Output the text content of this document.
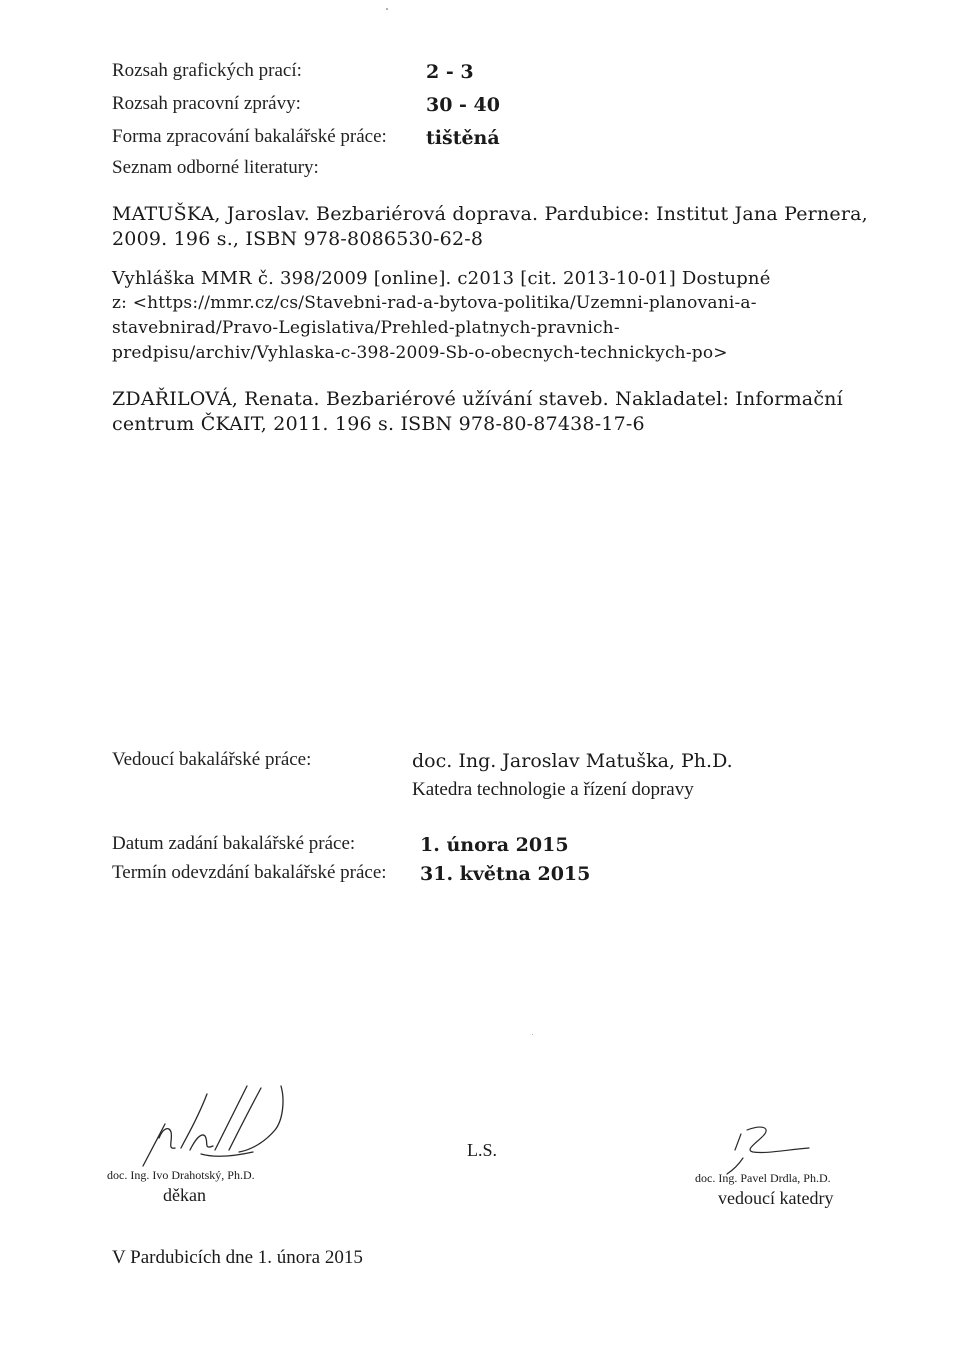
Rozsah grafických prací:	2 - 3
Rozsah pracovní zprávy:	30 - 40
Forma zpracování bakalářské práce: tištěná
Seznam odborné literatury:
MATUŠKA, Jaroslav. Bezbariérová doprava. Pardubice: Institut Jana Pernera,
2009. 196 s., ISBN 978-8086530-62-8
Vyhláška MMR č. 398/2009 [online]. c2013 [cit. 2013-10-01] Dostupné
z: <https://mmr.cz/cs/Stavebni-rad-a-bytova-politika/Uzemni-planovani-a-
stavebnirad/Pravo-Legislativa/Prehled-platnych-pravnich-
predpisu/archiv/Vyhlaska-c-398-2009-Sb-o-obecnych-technickych-po>
ZDAŘILOVÁ, Renata. Bezbariérové užívání staveb. Nakladatel: Informační
centrum ČKAIT, 2011. 196 s. ISBN 978-80-87438-17-6
Vedoucí bakalářské práce:	doc. Ing. Jaroslav Matuška, Ph.D.
Katedra technologie a řízení dopravy
Datum zadání bakalářské práce:	1. února 2015
Termín odevzdání bakalářské práce: 31. května 2015
doc. Ing. Ivo Drahotský, Ph.D.
děkan
L.S.
doc. Ing. Pavel Drdla, Ph.D.
vedoucí katedry
V Pardubicích dne 1. února 2015
